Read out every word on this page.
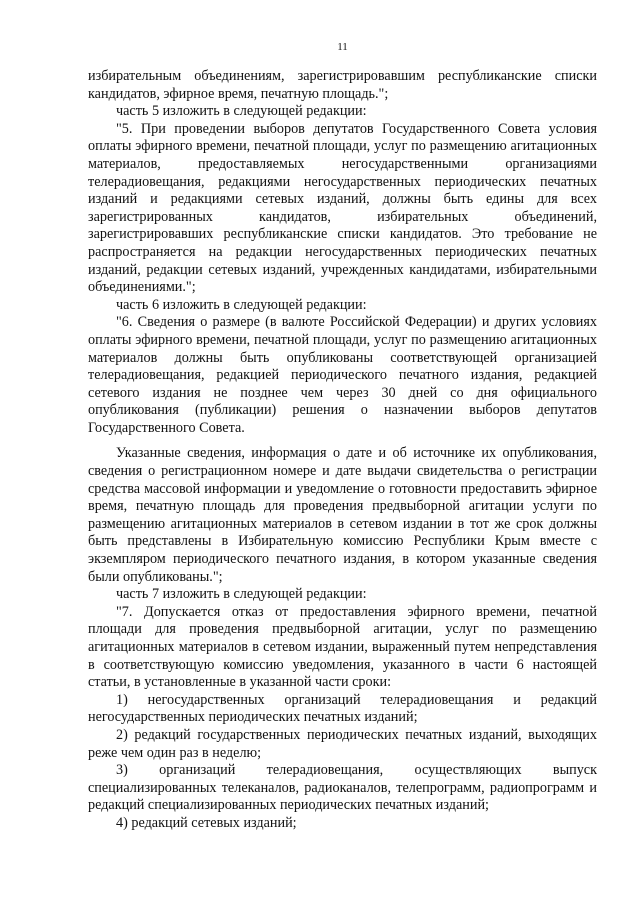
11

избирательным объединениям, зарегистрировавшим республиканские списки кандидатов, эфирное время, печатную площадь.";

часть 5 изложить в следующей редакции:

"5. При проведении выборов депутатов Государственного Совета условия оплаты эфирного времени, печатной площади, услуг по размещению агитационных материалов, предоставляемых негосударственными организациями телерадиовещания, редакциями негосударственных периодических печатных изданий и редакциями сетевых изданий, должны быть едины для всех зарегистрированных кандидатов, избирательных объединений, зарегистрировавших республиканские списки кандидатов. Это требование не распространяется на редакции негосударственных периодических печатных изданий, редакции сетевых изданий, учрежденных кандидатами, избирательными объединениями.";

часть 6 изложить в следующей редакции:

"6. Сведения о размере (в валюте Российской Федерации) и других условиях оплаты эфирного времени, печатной площади, услуг по размещению агитационных материалов должны быть опубликованы соответствующей организацией телерадиовещания, редакцией периодического печатного издания, редакцией сетевого издания не позднее чем через 30 дней со дня официального опубликования (публикации) решения о назначении выборов депутатов Государственного Совета.

Указанные сведения, информация о дате и об источнике их опубликования, сведения о регистрационном номере и дате выдачи свидетельства о регистрации средства массовой информации и уведомление о готовности предоставить эфирное время, печатную площадь для проведения предвыборной агитации услуги по размещению агитационных материалов в сетевом издании в тот же срок должны быть представлены в Избирательную комиссию Республики Крым вместе с экземпляром периодического печатного издания, в котором указанные сведения были опубликованы.";

часть 7 изложить в следующей редакции:

"7. Допускается отказ от предоставления эфирного времени, печатной площади для проведения предвыборной агитации, услуг по размещению агитационных материалов в сетевом издании, выраженный путем непредставления в соответствующую комиссию уведомления, указанного в части 6 настоящей статьи, в установленные в указанной части сроки:

1) негосударственных организаций телерадиовещания и редакций негосударственных периодических печатных изданий;

2) редакций государственных периодических печатных изданий, выходящих реже чем один раз в неделю;

3) организаций телерадиовещания, осуществляющих выпуск специализированных телеканалов, радиоканалов, телепрограмм, радиопрограмм и редакций специализированных периодических печатных изданий;

4) редакций сетевых изданий;
